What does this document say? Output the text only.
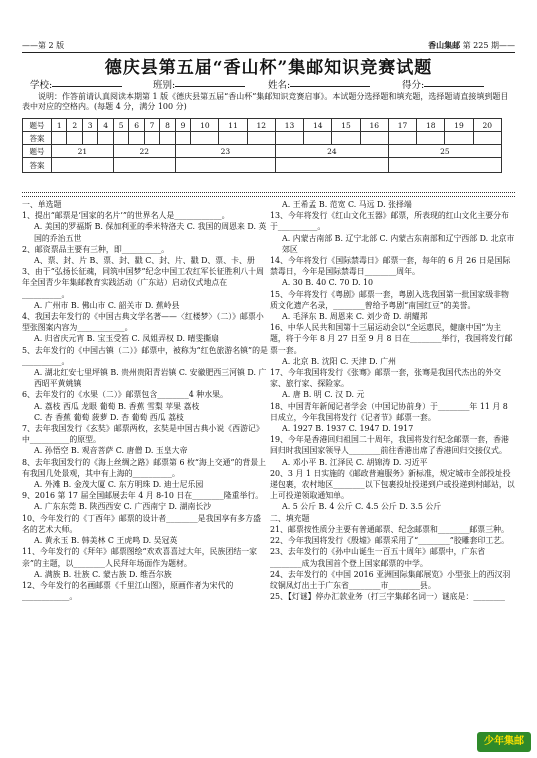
——第 2 版	香山集邮 第 225 期——
德庆县第五届“香山杯”集邮知识竞赛试题
学校:	班别:	姓名:	得分:
说明：作答前请认真阅读本期第 1 版《德庆县第五届“香山杯”集邮知识竞赛启事》。本试题分选择题和填充题，选择题请直接填到题目表中对应的空格内。(每题 4 分，满分 100 分)
题号	1	2	3	4	5	6	7	8	9	10	11	12	13	14	15	16	17	18	19	20
答案																				
题号	21				22				23				24				25			
答案																				
一、单选题
1、提出“邮票是‘国家的名片’”的世界名人是____________。
A. 美国的罗福斯 B. 保加利亚的季米特洛夫 C. 我国的周恩来 D. 英国的乔治五世
2、邮资票品主要有三种，即__________。
A、票、封、片 B、票、封、戳 C、封、片、戳 D、票、卡、册
3、由于“弘扬长征魂，同筑中国梦”纪念中国工农红军长征胜利八十周年全国青少年集邮教育实践活动（广东站）启动仪式地点在__________。
A. 广州市 B. 佛山市 C. 韶关市 D. 蕉岭县
4、我国去年发行的《中国古典文学名著——〈红楼梦〉（二）》邮票小型张图案内容为____________。
A. 归省庆元宵 B. 宝玉受笞 C. 凤姐弄权 D. 晴雯撕扇
5、去年发行的《中国古镇（二）》邮票中，被称为“红色旅游名镇”的是__________。
A. 湖北红安七里坪镇 B. 贵州贵阳青岩镇 C. 安徽肥西三河镇 D. 广西昭平黄姚镇
6、去年发行的《水果（二）》邮票包含________4 种水果。
A. 荔枝 西瓜 龙眼 葡萄 B. 香蕉 雪梨 苹果 荔枝
C. 杏 香蕉 葡萄 菠萝 D. 杏 葡萄 西瓜 荔枝
7、去年我国发行《玄奘》邮票两枚，玄奘是中国古典小说《西游记》中__________的原型。
A. 孙悟空 B. 观音菩萨 C. 唐僧 D. 玉皇大帝
8、去年我国发行的《海上丝绸之路》邮票第 6 枚“海上交通”的背景上有我国几处景观，其中有上海的__________。
A. 外滩 B. 金茂大厦 C. 东方明珠 D. 迪士尼乐园
9、2016 第 17 届全国邮展去年 4 月 8-10 日在________隆重举行。
A. 广东东莞 B. 陕西西安 C. 广西南宁 D. 湖南长沙
10、今年发行的《丁酉年》邮票的设计者________是我国享有多方盛名的艺术大师。
A. 黄永玉 B. 韩美林 C 王虎鸣 D. 吴冠英
11、今年发行的《拜年》邮票图绘“欢欢喜喜过大年，民族团结一家亲”的主题，以________人民拜年场面作为题材。
A. 满族 B. 壮族 C. 蒙古族 D. 维吾尔族
12、今年发行的名画邮票《千里江山图》，原画作者为宋代的____________。
A. 王希孟 B. 范宽 C. 马远 D. 张择端
13、今年将发行《红山文化玉器》邮票，所表现的红山文化主要分布于__________。
A. 内蒙古南部 B. 辽宁北部 C. 内蒙古东南部和辽宁西部 D. 北京市郊区
14、今年将发行《国际禁毒日》邮票一套，每年的 6 月 26 日是国际禁毒日，今年是国际禁毒日________周年。
A. 30 B. 40 C. 70 D. 10
15、今年将发行《粤剧》邮票一套，粤剧入选我国第一批国家级非物质文化遗产名录，________曾给予粤剧“南国红豆”的美誉。
A. 毛泽东 B. 周恩来 C. 刘少奇 D. 胡耀邦
16、中华人民共和国第十三届运动会以“全运惠民，健康中国”为主题，将于今年 8 月 27 日至 9 月 8 日在________举行，我国将发行邮票一套。
A. 北京 B. 沈阳 C. 天津 D. 广州
17、今年我国将发行《张骞》邮票一套，张骞是我国代杰出的外交家、旅行家、探险家。
A. 唐 B. 明 C. 汉 D. 元
18、中国青年新闻记者学会（中国记协前身）于________年 11 月 8 日成立，今年我国将发行《记者节》邮票一套。
A. 1927 B. 1937 C. 1947 D. 1917
19、今年是香港回归祖国二十周年，我国将发行纪念邮票一套，香港回归时我国国家领导人________前往香港出席了香港回归交接仪式。
A. 邓小平 B. 江泽民 C. 胡锦涛 D. 习近平
20、3 月 1 日实施的《邮政普遍服务》新标准，规定城市全部投址投递包裹，农村地区________以下包裹投址投递到户或投递到村邮站，以上可投递领取通知单。
A. 5 公斤 B. 4 公斤 C. 4.5 公斤 D. 3.5 公斤
二、填充题
21、邮票按性质分主要有普通邮票、纪念邮票和________邮票三种。
22、今年我国将发行《殷墟》邮票采用了“________”胶雕套印工艺。
23、去年发行的《孙中山诞生一百五十周年》邮票中，广东省________成为我国首个登上国家邮票的中学。
24、去年发行的《中国 2016 亚洲国际集邮展览》小型张上的西汉羽纹铜凤灯出土于广东省________市________县。
25、【灯谜】停办汇款业务（打三字集邮名词一）谜底是：________
少年集邮
